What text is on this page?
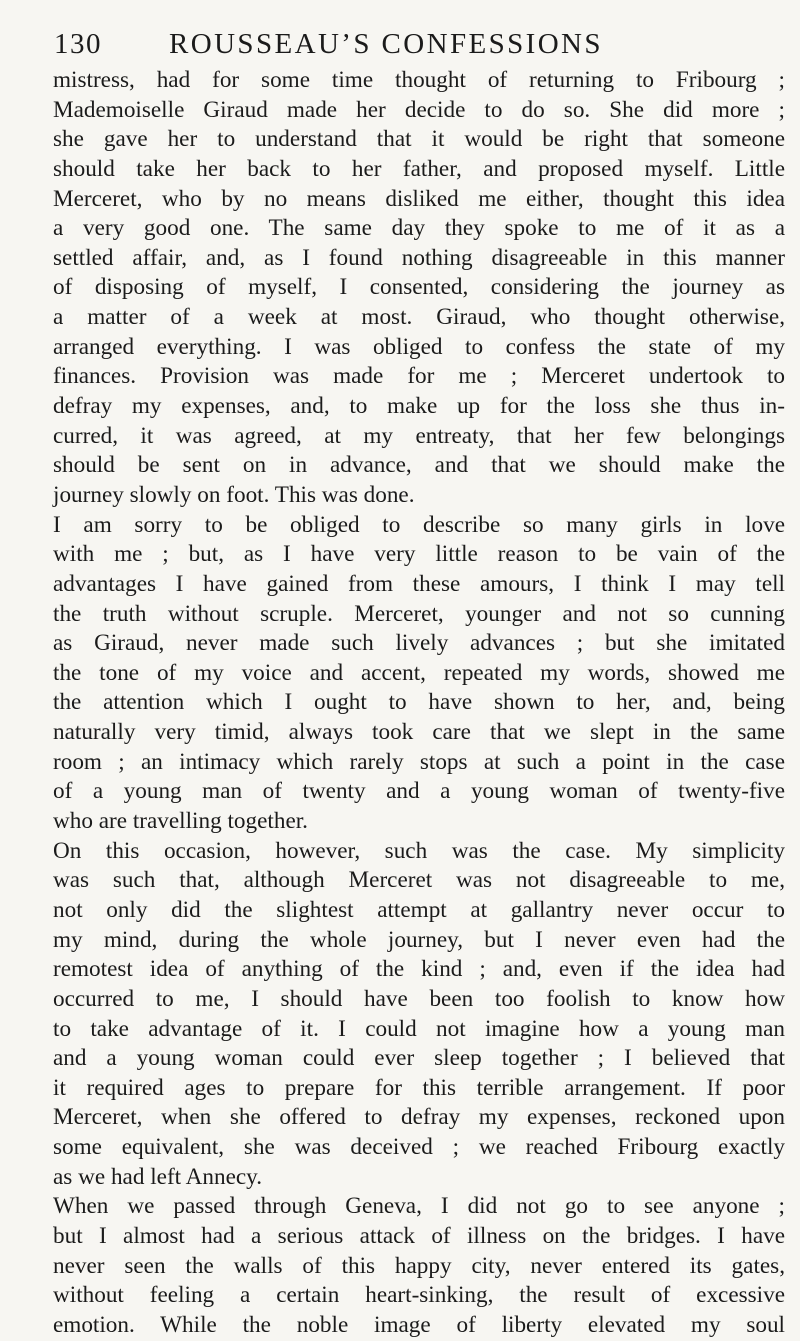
130 ROUSSEAU’S CONFESSIONS
mistress, had for some time thought of returning to Fribourg ;
Mademoiselle Giraud made her decide to do so. She did more ;
she gave her to understand that it would be right that someone
should take her back to her father, and proposed myself. Little
Merceret, who by no means disliked me either, thought this idea
a very good one. The same day they spoke to me of it as a
settled affair, and, as I found nothing disagreeable in this manner
of disposing of myself, I consented, considering the journey as
a matter of a week at most. Giraud, who thought otherwise,
arranged everything. I was obliged to confess the state of my
finances. Provision was made for me ; Merceret undertook to
defray my expenses, and, to make up for the loss she thus in-
curred, it was agreed, at my entreaty, that her few belongings
should be sent on in advance, and that we should make the
journey slowly on foot. This was done.
I am sorry to be obliged to describe so many girls in love
with me ; but, as I have very little reason to be vain of the
advantages I have gained from these amours, I think I may tell
the truth without scruple. Merceret, younger and not so cunning
as Giraud, never made such lively advances ; but she imitated
the tone of my voice and accent, repeated my words, showed me
the attention which I ought to have shown to her, and, being
naturally very timid, always took care that we slept in the same
room ; an intimacy which rarely stops at such a point in the case
of a young man of twenty and a young woman of twenty-five
who are travelling together.
On this occasion, however, such was the case. My simplicity
was such that, although Merceret was not disagreeable to me,
not only did the slightest attempt at gallantry never occur to
my mind, during the whole journey, but I never even had the
remotest idea of anything of the kind ; and, even if the idea had
occurred to me, I should have been too foolish to know how
to take advantage of it. I could not imagine how a young man
and a young woman could ever sleep together ; I believed that
it required ages to prepare for this terrible arrangement. If poor
Merceret, when she offered to defray my expenses, reckoned upon
some equivalent, she was deceived ; we reached Fribourg exactly
as we had left Annecy.
When we passed through Geneva, I did not go to see anyone ;
but I almost had a serious attack of illness on the bridges. I have
never seen the walls of this happy city, never entered its gates,
without feeling a certain heart-sinking, the result of excessive
emotion. While the noble image of liberty elevated my soul
